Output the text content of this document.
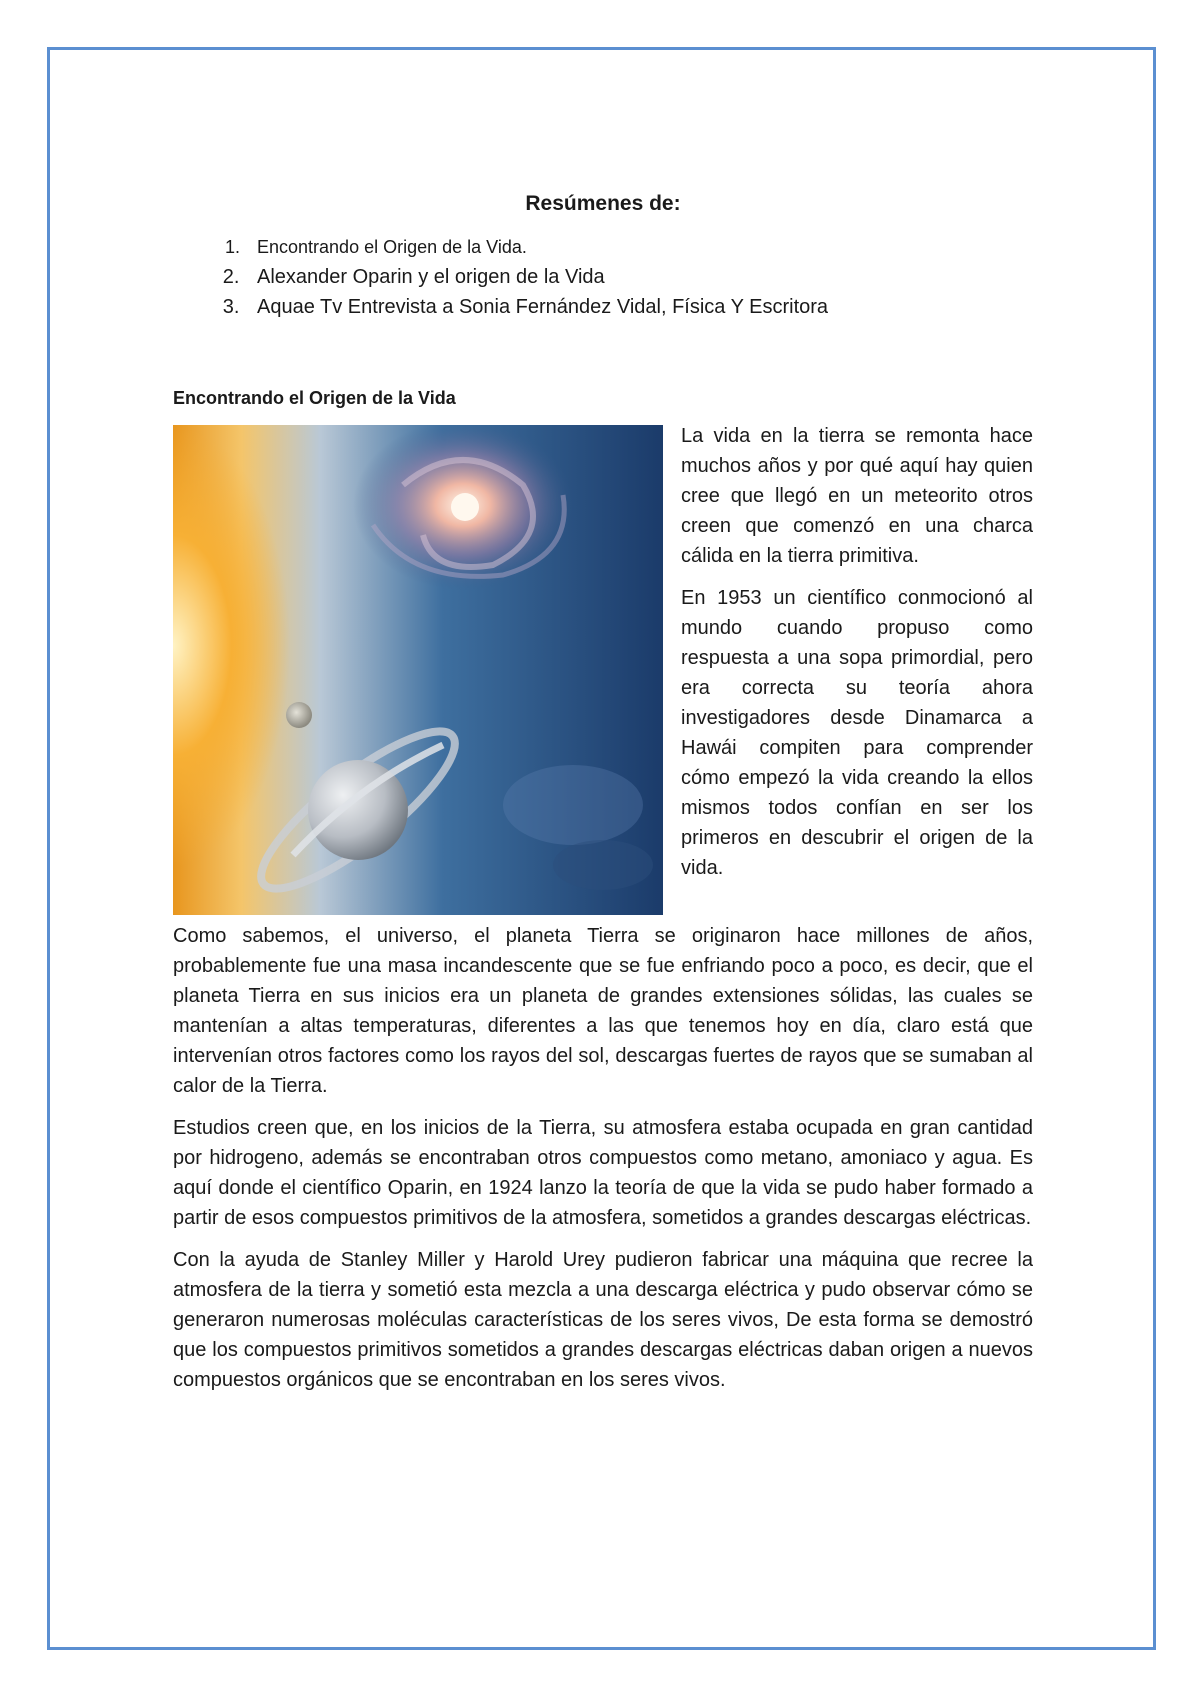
Resúmenes de:
1. Encontrando el Origen de la Vida.
2. Alexander Oparin y el origen de la Vida
3. Aquae Tv Entrevista a Sonia Fernández Vidal, Física Y Escritora
Encontrando el Origen de la Vida

La vida en la tierra se remonta hace muchos años y por qué aquí hay quien cree que llegó en un meteorito otros creen que comenzó en una charca cálida en la tierra primitiva.

En 1953 un científico conmocionó al mundo cuando propuso como respuesta a una sopa primordial, pero era correcta su teoría ahora investigadores desde Dinamarca a Hawái compiten para comprender cómo empezó la vida creando la ellos mismos todos confían en ser los primeros en descubrir el origen de la vida.

Como sabemos, el universo, el planeta Tierra se originaron hace millones de años, probablemente fue una masa incandescente que se fue enfriando poco a poco, es decir, que el planeta Tierra en sus inicios era un planeta de grandes extensiones sólidas, las cuales se mantenían a altas temperaturas, diferentes a las que tenemos hoy en día, claro está que intervenían otros factores como los rayos del sol, descargas fuertes de rayos que se sumaban al calor de la Tierra.

Estudios creen que, en los inicios de la Tierra, su atmosfera estaba ocupada en gran cantidad por hidrogeno, además se encontraban otros compuestos como metano, amoniaco y agua. Es aquí donde el científico Oparin, en 1924 lanzo la teoría de que la vida se pudo haber formado a partir de esos compuestos primitivos de la atmosfera, sometidos a grandes descargas eléctricas.

Con la ayuda de Stanley Miller y Harold Urey pudieron fabricar una máquina que recree la atmosfera de la tierra y sometió esta mezcla a una descarga eléctrica y pudo observar cómo se generaron numerosas moléculas características de los seres vivos, De esta forma se demostró que los compuestos primitivos sometidos a grandes descargas eléctricas daban origen a nuevos compuestos orgánicos que se encontraban en los seres vivos.
